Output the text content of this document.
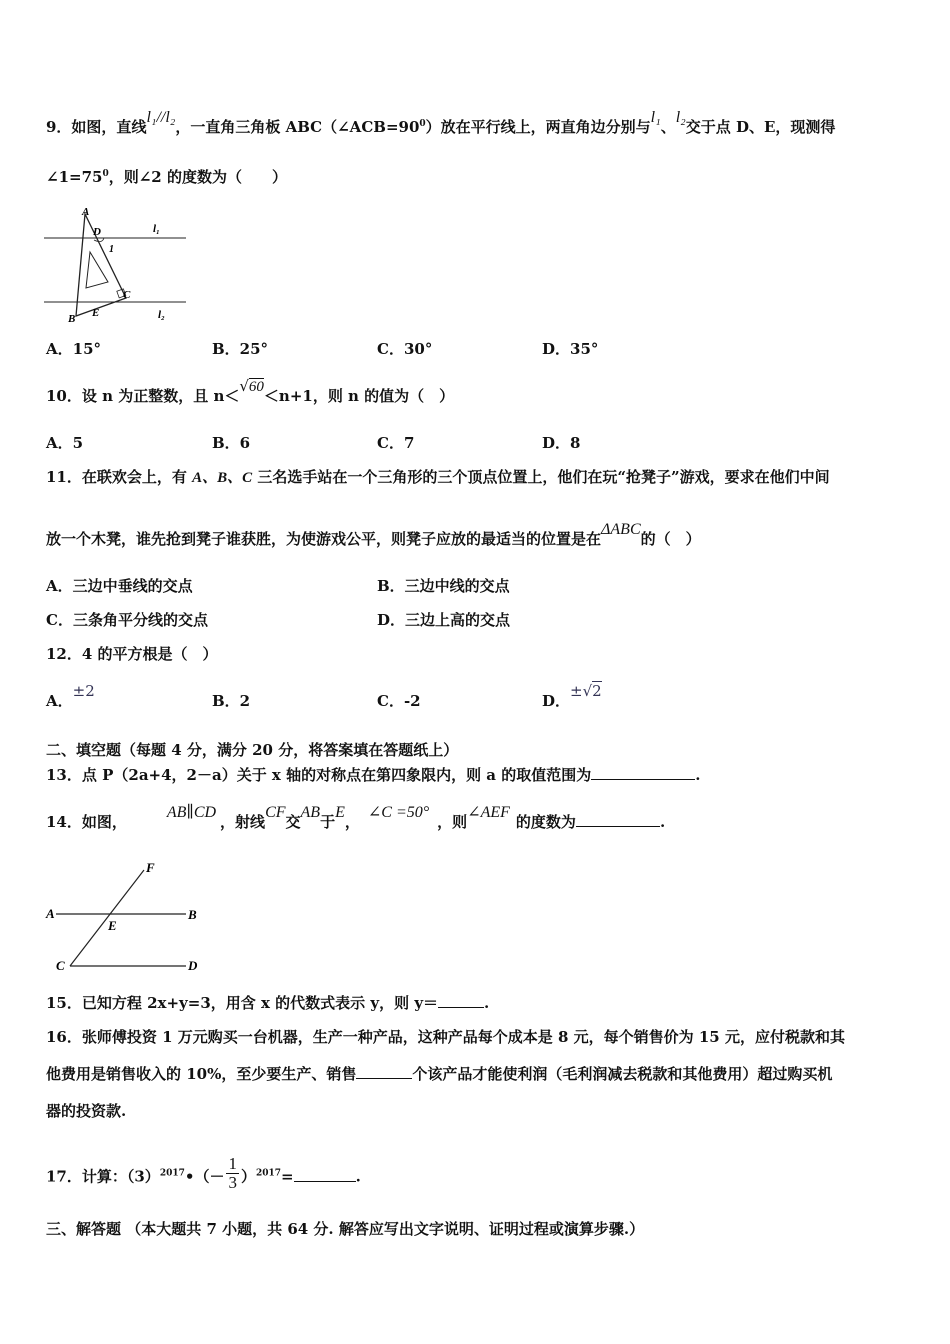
9．如图，直线l₁//l₂，一直角三角板 $ABC(\angle ACB=90^0)$放在平行线上，两直角边分别与l₁、l₂交于点 D、E，现测得
$\angle 1=75^0$，则∠2 的度数为（　　）
A
D
1
l₁
C
B E	l₂
A．15°	B．25°	C．30°	D．35°
10．设 n 为正整数，且 n＜√60＜n+1，则 n 的值为（　）
A．5	B．6	C．7	D．8
11．在联欢会上，有 A、B、C 三名选手站在一个三角形的三个顶点位置上，他们在玩“抢凳子”游戏，要求在他们中间
放一个木凳，谁先抢到凳子谁获胜，为使游戏公平，则凳子应放的最适当的位置是在ΔABC的（　）
A．三边中垂线的交点	B．三边中线的交点
C．三条角平分线的交点	D．三边上高的交点
12．4 的平方根是（　）
A．±2
B．2	C．-2	D．±√2
二、填空题（每题 4 分，满分 20 分，将答案填在答题纸上）
13．点 P（2a+4，2－a）关于 x 轴的对称点在第四象限内，则 a 的取值范围为	.
14．如图，AB∥CD，射线CF交AB于E，∠C =50°，则∠AEF的度数为	.
F
A	B
E
C	D
15．已知方程 2x+y=3，用含 x 的代数式表示 y，则 y＝	.
16．张师傅投资 1 万元购买一台机器，生产一种产品，这种产品每个成本是 8 元，每个销售价为 15 元，应付税款和其
他费用是销售收入的 10%，至少要生产、销售	个该产品才能使利润（毛利润减去税款和其他费用）超过购买机
器的投资款.
17．计算：$(3)^{2017}•(- \frac{1}{3} )^{2017}=$	.
三、解答题 （本大题共 7 小题，共 64 分. 解答应写出文字说明、证明过程或演算步骤.）
